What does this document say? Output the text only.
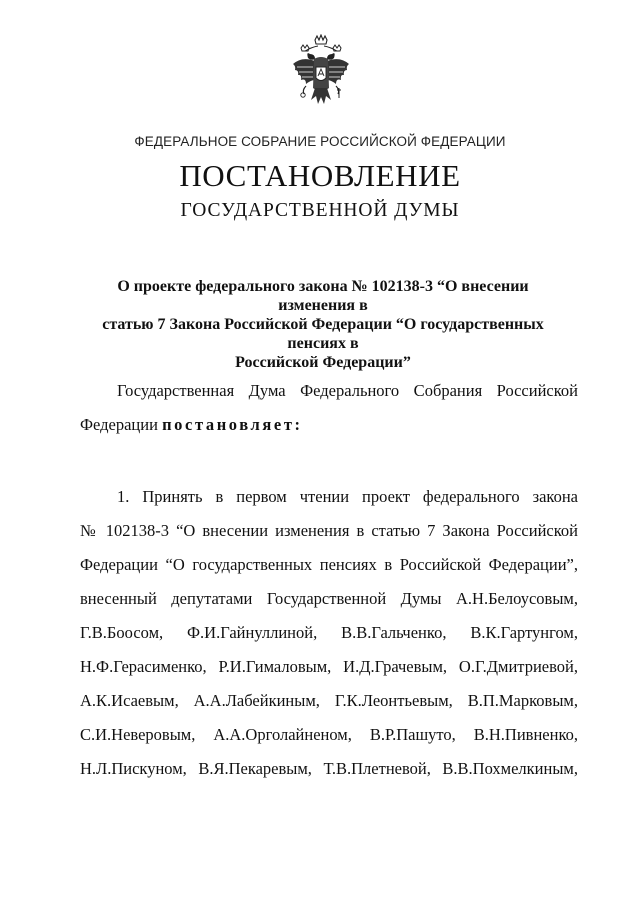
ФЕДЕРАЛЬНОЕ СОБРАНИЕ РОССИЙСКОЙ ФЕДЕРАЦИИ
ПОСТАНОВЛЕНИЕ
ГОСУДАРСТВЕННОЙ ДУМЫ
О проекте федерального закона № 102138-3 “О внесении изменения в
статью 7 Закона Российской Федерации “О государственных пенсиях в
Российской Федерации”
Государственная Дума Федерального Собрания Российской
Федерации постановляет:
1. Принять в первом чтении проект федерального закона
№ 102138-3 “О внесении изменения в статью 7 Закона Российской
Федерации “О государственных пенсиях в Российской Федерации”,
внесенный депутатами Государственной Думы А.Н.Белоусовым,
Г.В.Боосом, Ф.И.Гайнуллиной, В.В.Гальченко, В.К.Гартунгом,
Н.Ф.Герасименко, Р.И.Гималовым, И.Д.Грачевым, О.Г.Дмитриевой,
А.К.Исаевым, А.А.Лабейкиным, Г.К.Леонтьевым, В.П.Марковым,
С.И.Неверовым, А.А.Орголайненом, В.Р.Пашуто, В.Н.Пивненко,
Н.Л.Пискуном, В.Я.Пекаревым, Т.В.Плетневой, В.В.Похмелкиным,
